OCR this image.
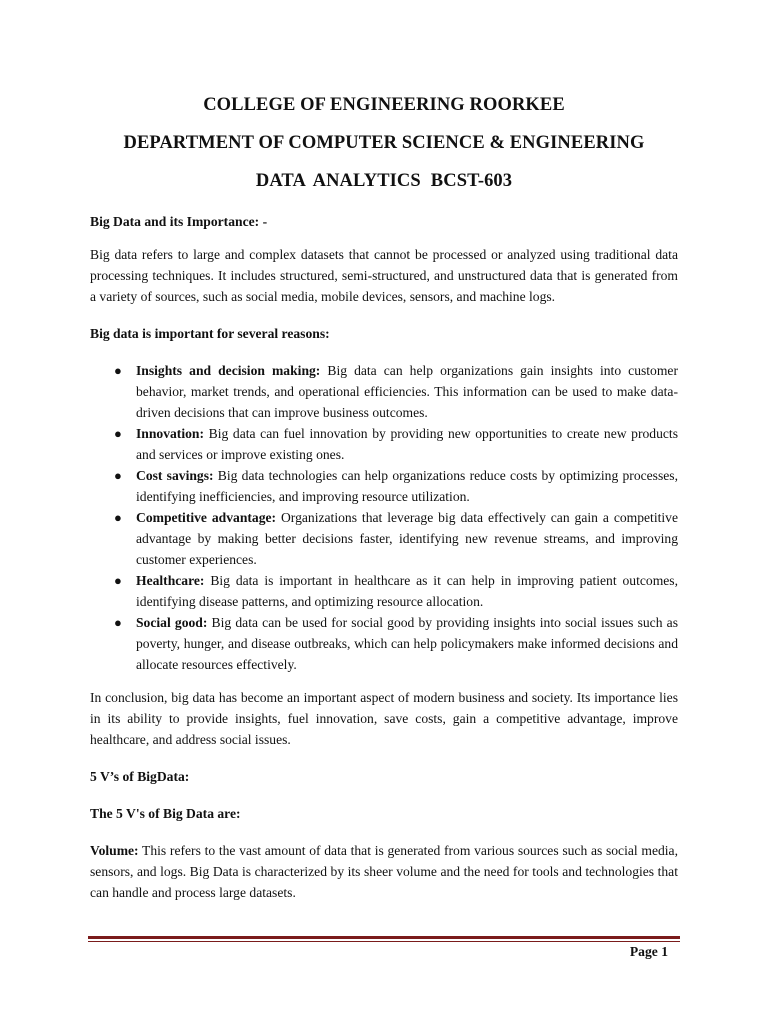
COLLEGE OF ENGINEERING ROORKEE

DEPARTMENT OF COMPUTER SCIENCE & ENGINEERING

DATA ANALYTICS BCST-603

Big Data and its Importance: -

Big data refers to large and complex datasets that cannot be processed or analyzed using traditional data processing techniques. It includes structured, semi-structured, and unstructured data that is generated from a variety of sources, such as social media, mobile devices, sensors, and machine logs.

Big data is important for several reasons:

● Insights and decision making: Big data can help organizations gain insights into customer behavior, market trends, and operational efficiencies. This information can be used to make data-driven decisions that can improve business outcomes.
● Innovation: Big data can fuel innovation by providing new opportunities to create new products and services or improve existing ones.
● Cost savings: Big data technologies can help organizations reduce costs by optimizing processes, identifying inefficiencies, and improving resource utilization.
● Competitive advantage: Organizations that leverage big data effectively can gain a competitive advantage by making better decisions faster, identifying new revenue streams, and improving customer experiences.
● Healthcare: Big data is important in healthcare as it can help in improving patient outcomes, identifying disease patterns, and optimizing resource allocation.
● Social good: Big data can be used for social good by providing insights into social issues such as poverty, hunger, and disease outbreaks, which can help policymakers make informed decisions and allocate resources effectively.

In conclusion, big data has become an important aspect of modern business and society. Its importance lies in its ability to provide insights, fuel innovation, save costs, gain a competitive advantage, improve healthcare, and address social issues.

5 V’s of BigData:

The 5 V's of Big Data are:

Volume: This refers to the vast amount of data that is generated from various sources such as social media, sensors, and logs. Big Data is characterized by its sheer volume and the need for tools and technologies that can handle and process large datasets.

Page 1
